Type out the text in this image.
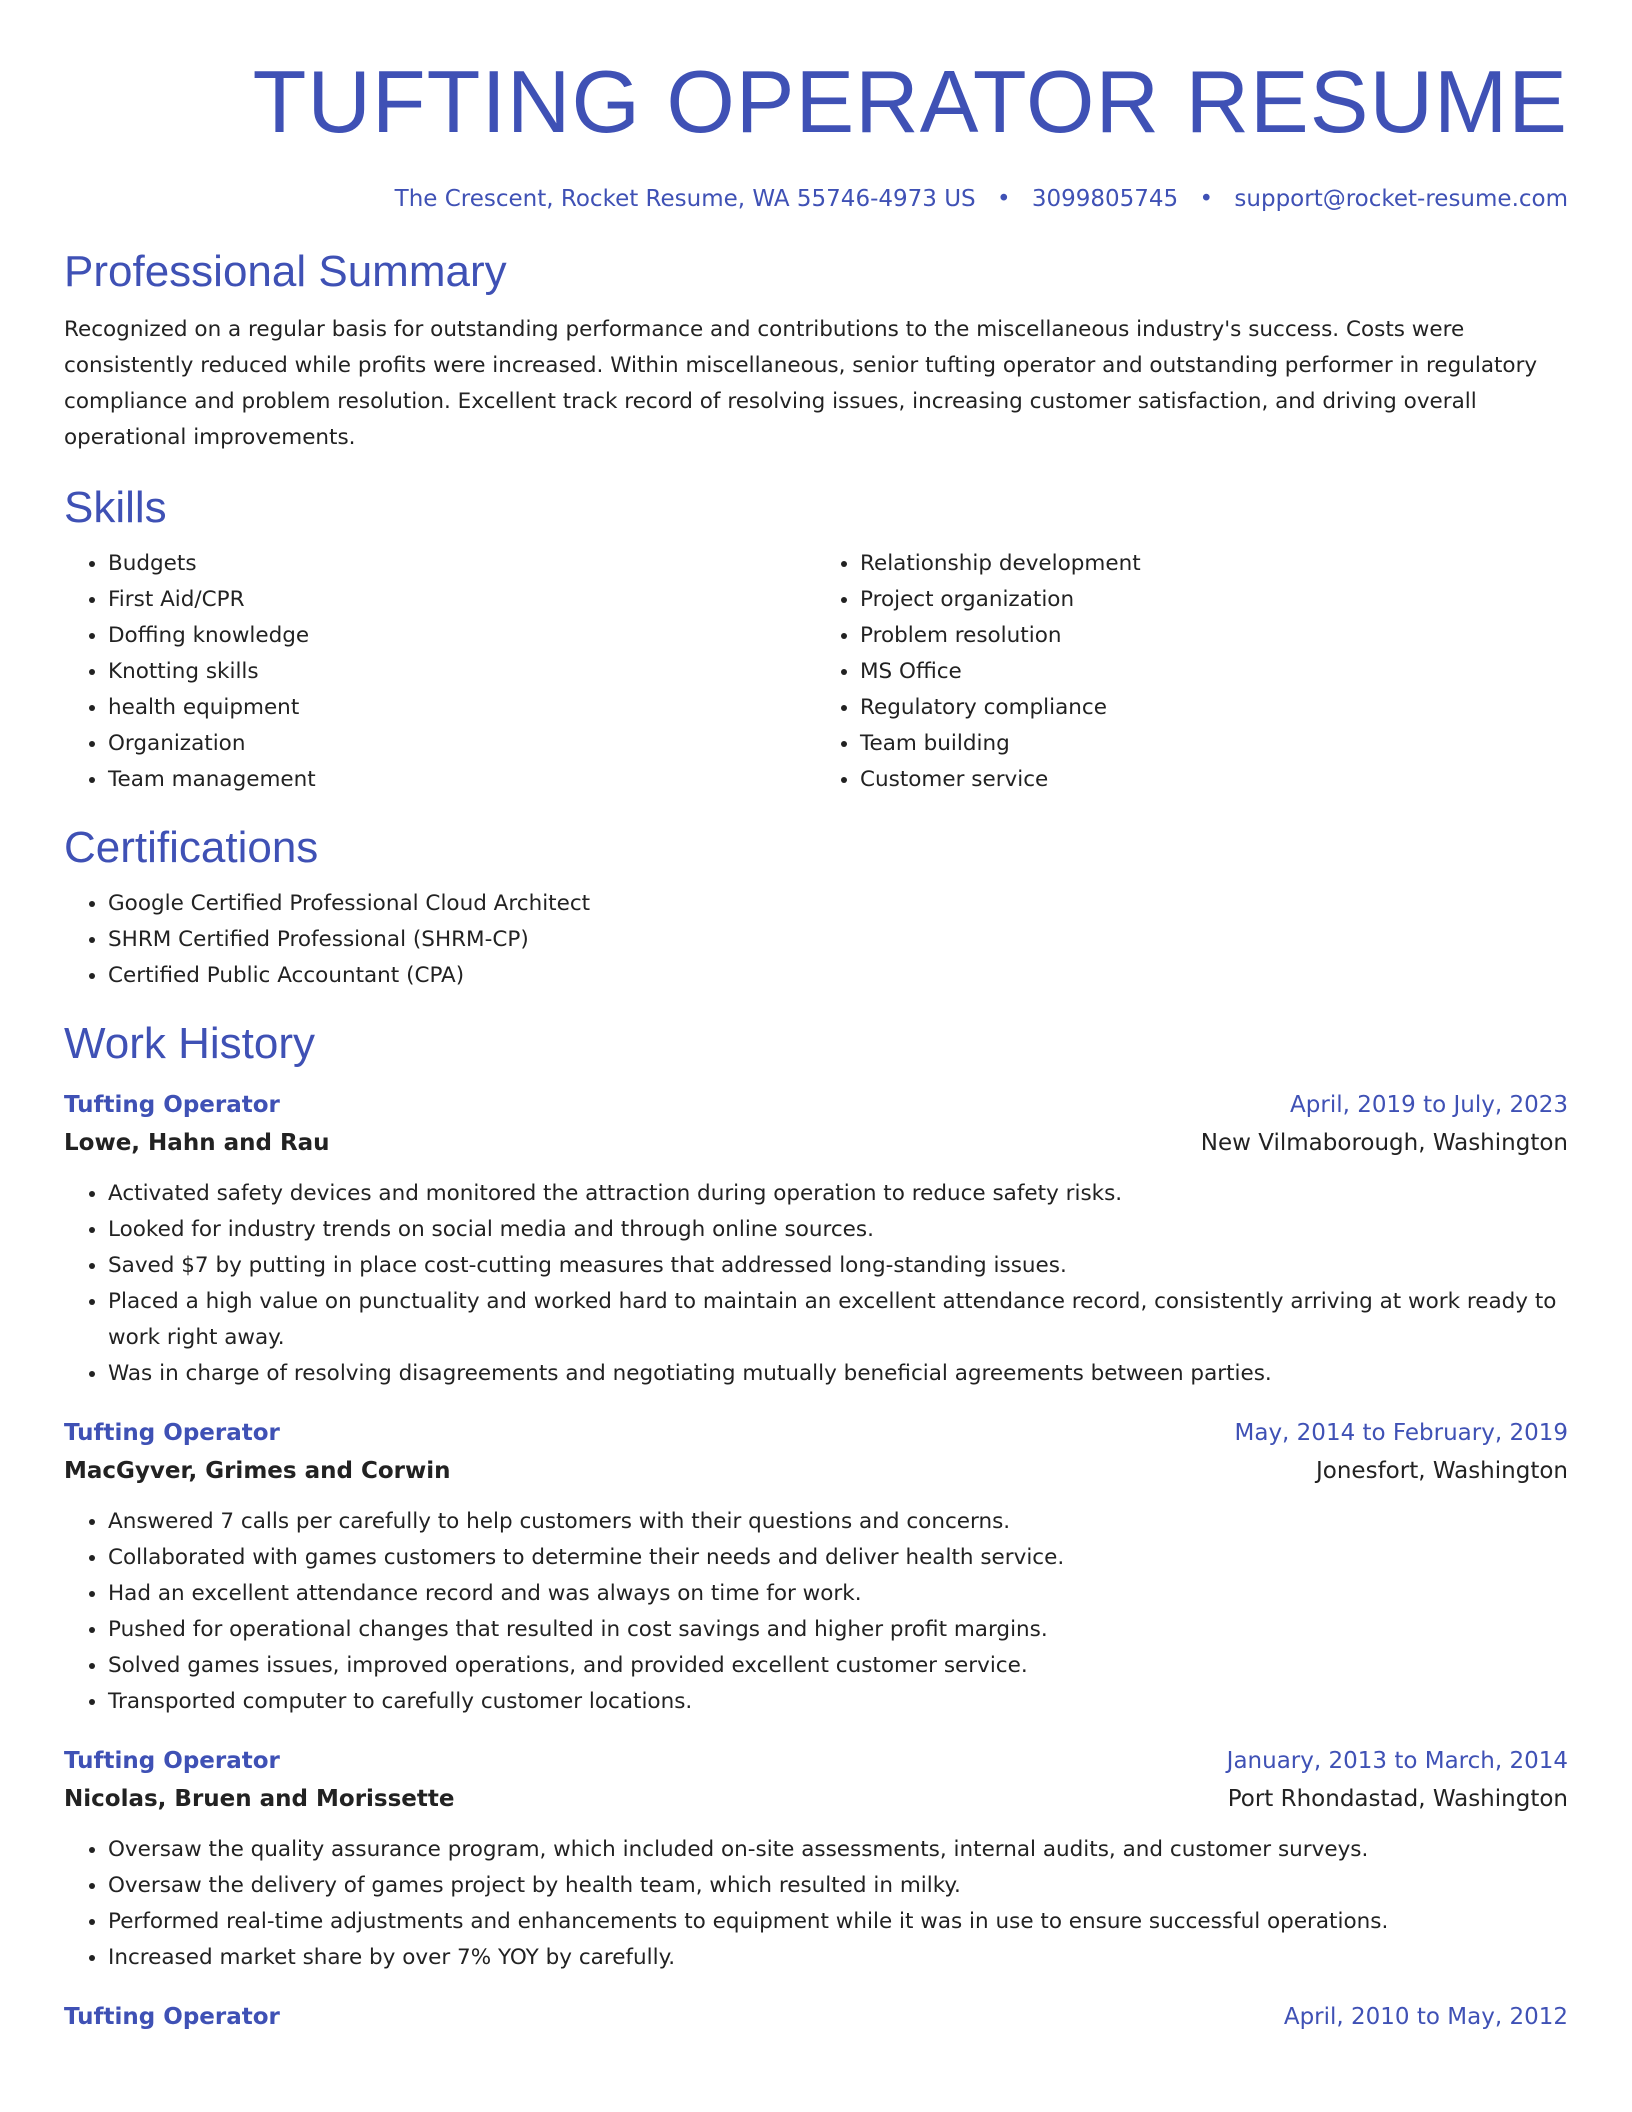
TUFTING OPERATOR RESUME
The Crescent, Rocket Resume, WA 55746-4973 US • 3099805745 • support@rocket-resume.com
Professional Summary

Recognized on a regular basis for outstanding performance and contributions to the miscellaneous industry's success. Costs were consistently reduced while profits were increased. Within miscellaneous, senior tufting operator and outstanding performer in regulatory compliance and problem resolution. Excellent track record of resolving issues, increasing customer satisfaction, and driving overall operational improvements.

Skills
• Budgets
• First Aid/CPR
• Doffing knowledge
• Knotting skills
• health equipment
• Organization
• Team management
• Relationship development
• Project organization
• Problem resolution
• MS Office
• Regulatory compliance
• Team building
• Customer service
Certifications
• Google Certified Professional Cloud Architect
• SHRM Certified Professional (SHRM-CP)
• Certified Public Accountant (CPA)
Work History
Tufting Operator	April, 2019 to July, 2023
Lowe, Hahn and Rau	New Vilmaborough, Washington
• Activated safety devices and monitored the attraction during operation to reduce safety risks.
• Looked for industry trends on social media and through online sources.
• Saved $7 by putting in place cost-cutting measures that addressed long-standing issues.
• Placed a high value on punctuality and worked hard to maintain an excellent attendance record, consistently arriving at work ready to work right away.
• Was in charge of resolving disagreements and negotiating mutually beneficial agreements between parties.
Tufting Operator	May, 2014 to February, 2019
MacGyver, Grimes and Corwin	Jonesfort, Washington
• Answered 7 calls per carefully to help customers with their questions and concerns.
• Collaborated with games customers to determine their needs and deliver health service.
• Had an excellent attendance record and was always on time for work.
• Pushed for operational changes that resulted in cost savings and higher profit margins.
• Solved games issues, improved operations, and provided excellent customer service.
• Transported computer to carefully customer locations.
Tufting Operator	January, 2013 to March, 2014
Nicolas, Bruen and Morissette	Port Rhondastad, Washington
• Oversaw the quality assurance program, which included on-site assessments, internal audits, and customer surveys.
• Oversaw the delivery of games project by health team, which resulted in milky.
• Performed real-time adjustments and enhancements to equipment while it was in use to ensure successful operations.
• Increased market share by over 7% YOY by carefully.
Tufting Operator	April, 2010 to May, 2012
